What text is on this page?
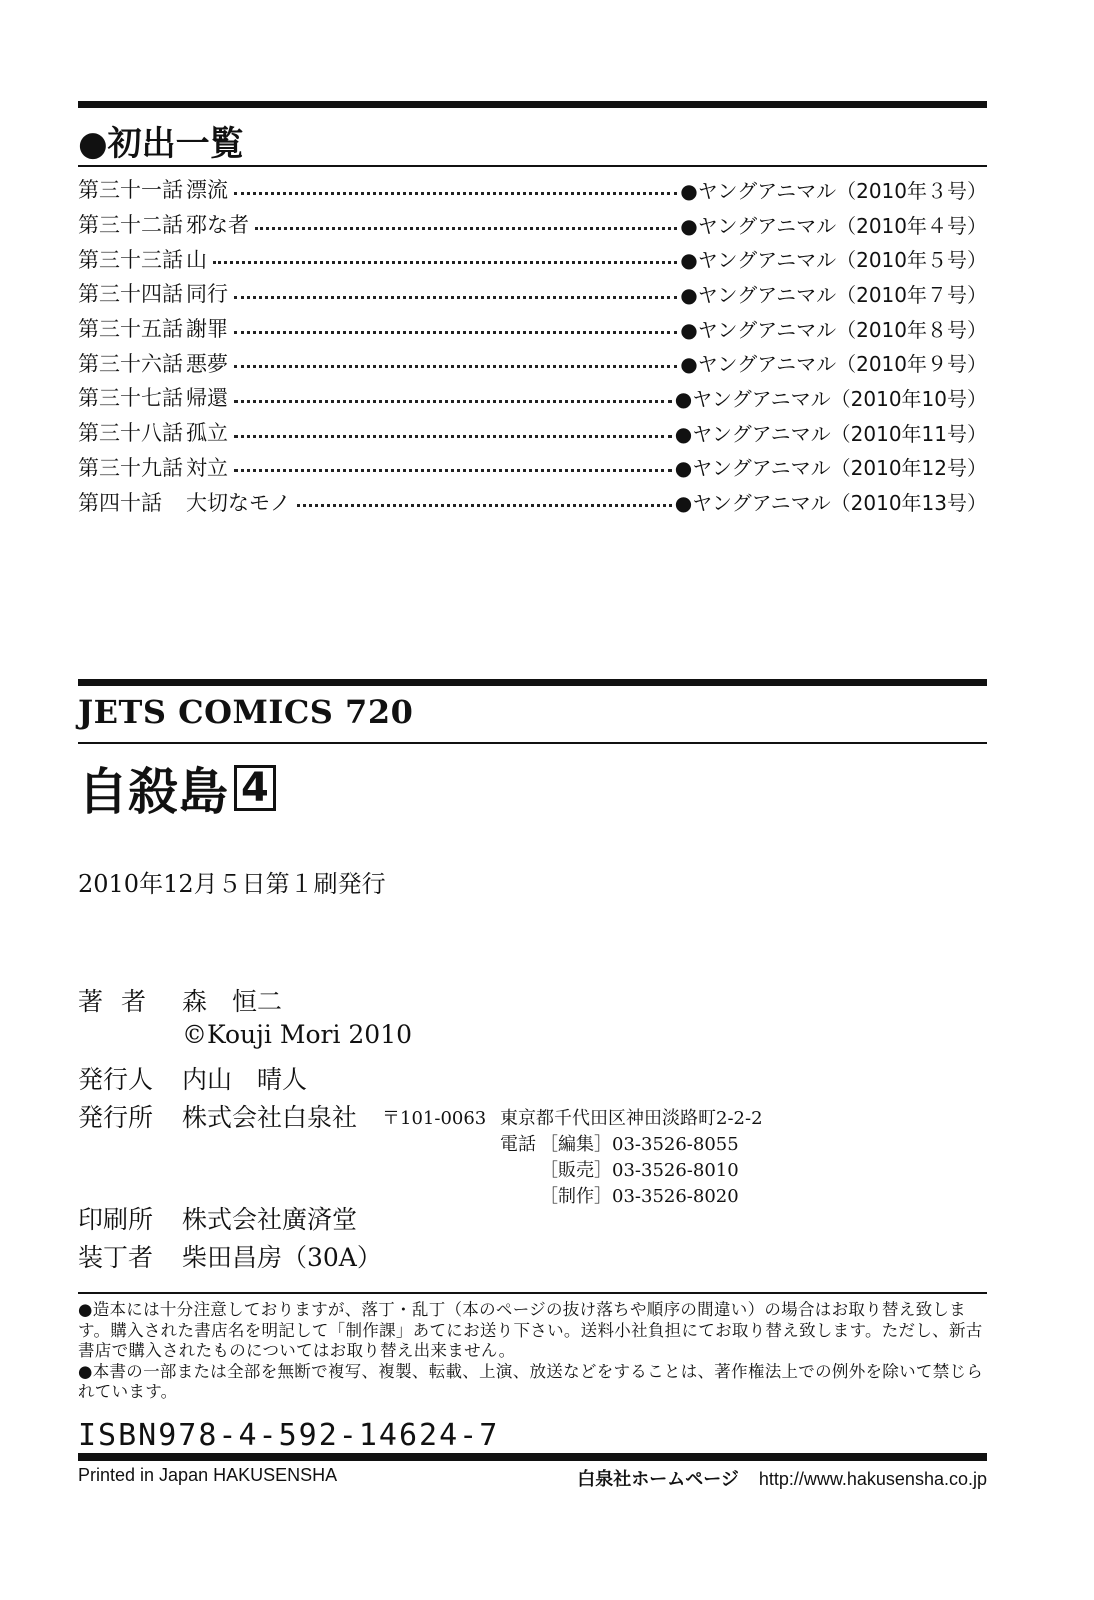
●初出一覧
第三十一話 漂流	●ヤングアニマル（2010年３号）
第三十二話 邪な者	●ヤングアニマル（2010年４号）
第三十三話 山	●ヤングアニマル（2010年５号）
第三十四話 同行	●ヤングアニマル（2010年７号）
第三十五話 謝罪	●ヤングアニマル（2010年８号）
第三十六話 悪夢	●ヤングアニマル（2010年９号）
第三十七話 帰還	●ヤングアニマル（2010年10号）
第三十八話 孤立	●ヤングアニマル（2010年11号）
第三十九話 対立	●ヤングアニマル（2010年12号）
第四十話 大切なモノ	●ヤングアニマル（2010年13号）
JETS COMICS 720
自殺島 4
2010年12月５日第１刷発行
著者 森　恒二
©Kouji Mori 2010
発行人 内山　晴人
発行所 株式会社白泉社 〒101-0063 東京都千代田区神田淡路町2-2-2
電話 ［編集］03-3526-8055
［販売］03-3526-8010
［制作］03-3526-8020
印刷所 株式会社廣済堂
装丁者 柴田昌房（30A）

●造本には十分注意しておりますが、落丁・乱丁（本のページの抜け落ちや順序の間違い）の場合はお取り替え致します。購入された書店名を明記して「制作課」あてにお送り下さい。送料小社負担にてお取り替え致します。ただし、新古書店で購入されたものについてはお取り替え出来ません。

●本書の一部または全部を無断で複写、複製、転載、上演、放送などをすることは、著作権法上での例外を除いて禁じられています。

ISBN978-4-592-14624-7
Printed in Japan HAKUSENSHA	白泉社ホームページ http://www.hakusensha.co.jp
